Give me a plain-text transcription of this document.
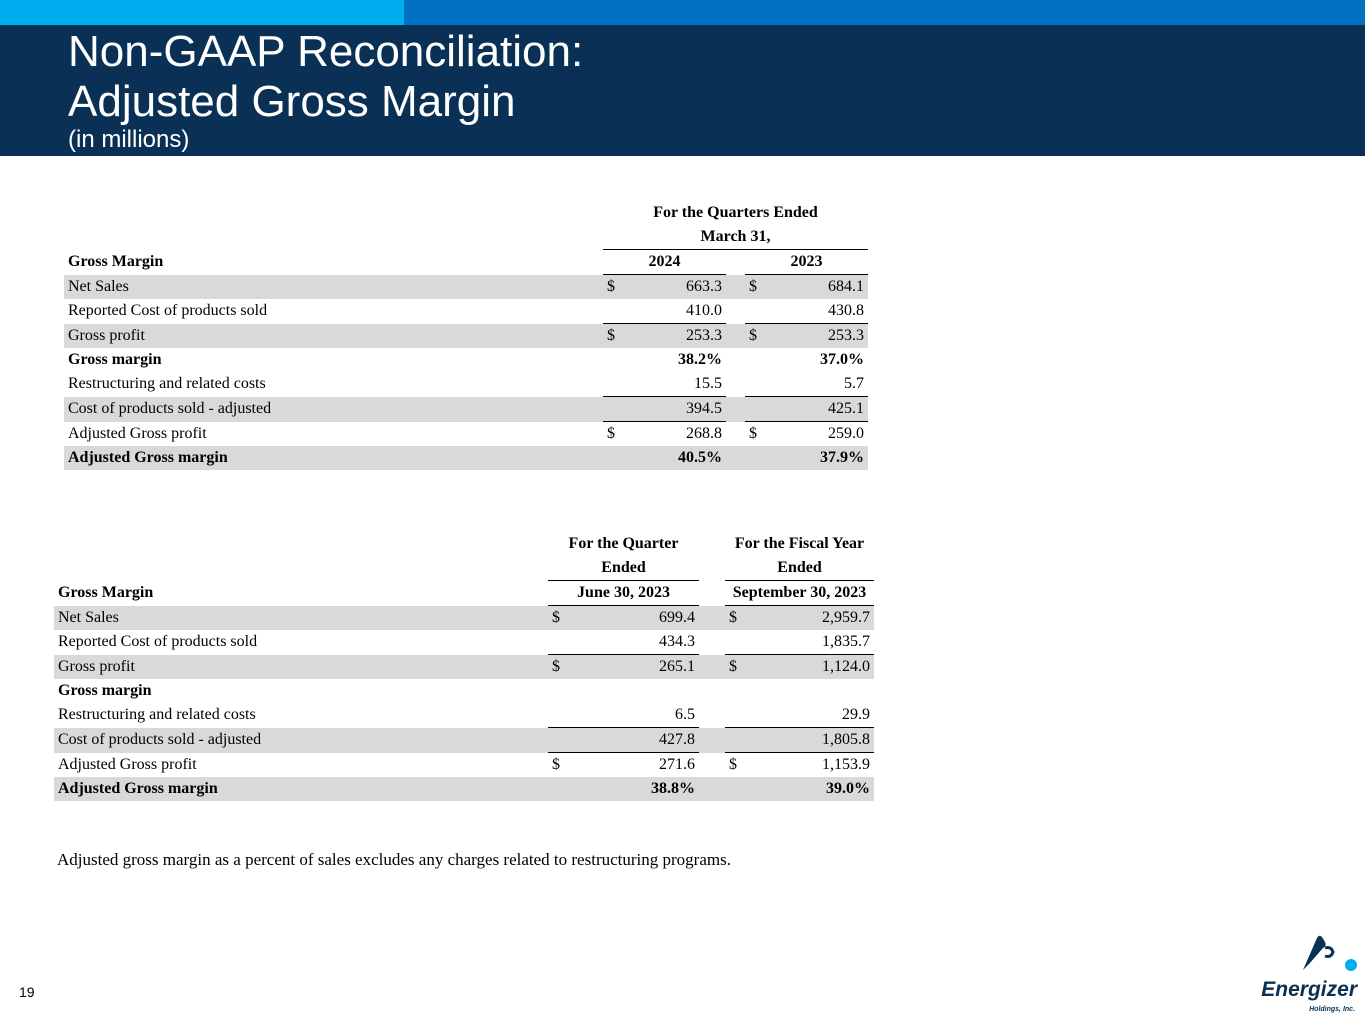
Non-GAAP Reconciliation:
Adjusted Gross Margin
(in millions)
	For the Quarters Ended				
	March 31,				
Gross Margin	2024			2023	
Net Sales	$	663.3		$	684.1
Reported Cost of products sold		410.0			430.8
Gross profit	$	253.3		$	253.3
Gross margin		38.2%			37.0%
Restructuring and related costs		15.5			5.7
Cost of products sold - adjusted		394.5			425.1
Adjusted Gross profit	$	268.8		$	259.0
Adjusted Gross margin		40.5%			37.9%
	For the Quarter			For the Fiscal Year	
	Ended			Ended	
Gross Margin	June 30, 2023			September 30, 2023	
Net Sales	$	699.4		$	2,959.7
Reported Cost of products sold		434.3			1,835.7
Gross profit	$	265.1		$	1,124.0
Gross margin					
Restructuring and related costs		6.5			29.9
Cost of products sold - adjusted		427.8			1,805.8
Adjusted Gross profit	$	271.6		$	1,153.9
Adjusted Gross margin		38.8%			39.0%
Adjusted gross margin as a percent of sales excludes any charges related to restructuring programs.
19	Energizer
Holdings, Inc.
